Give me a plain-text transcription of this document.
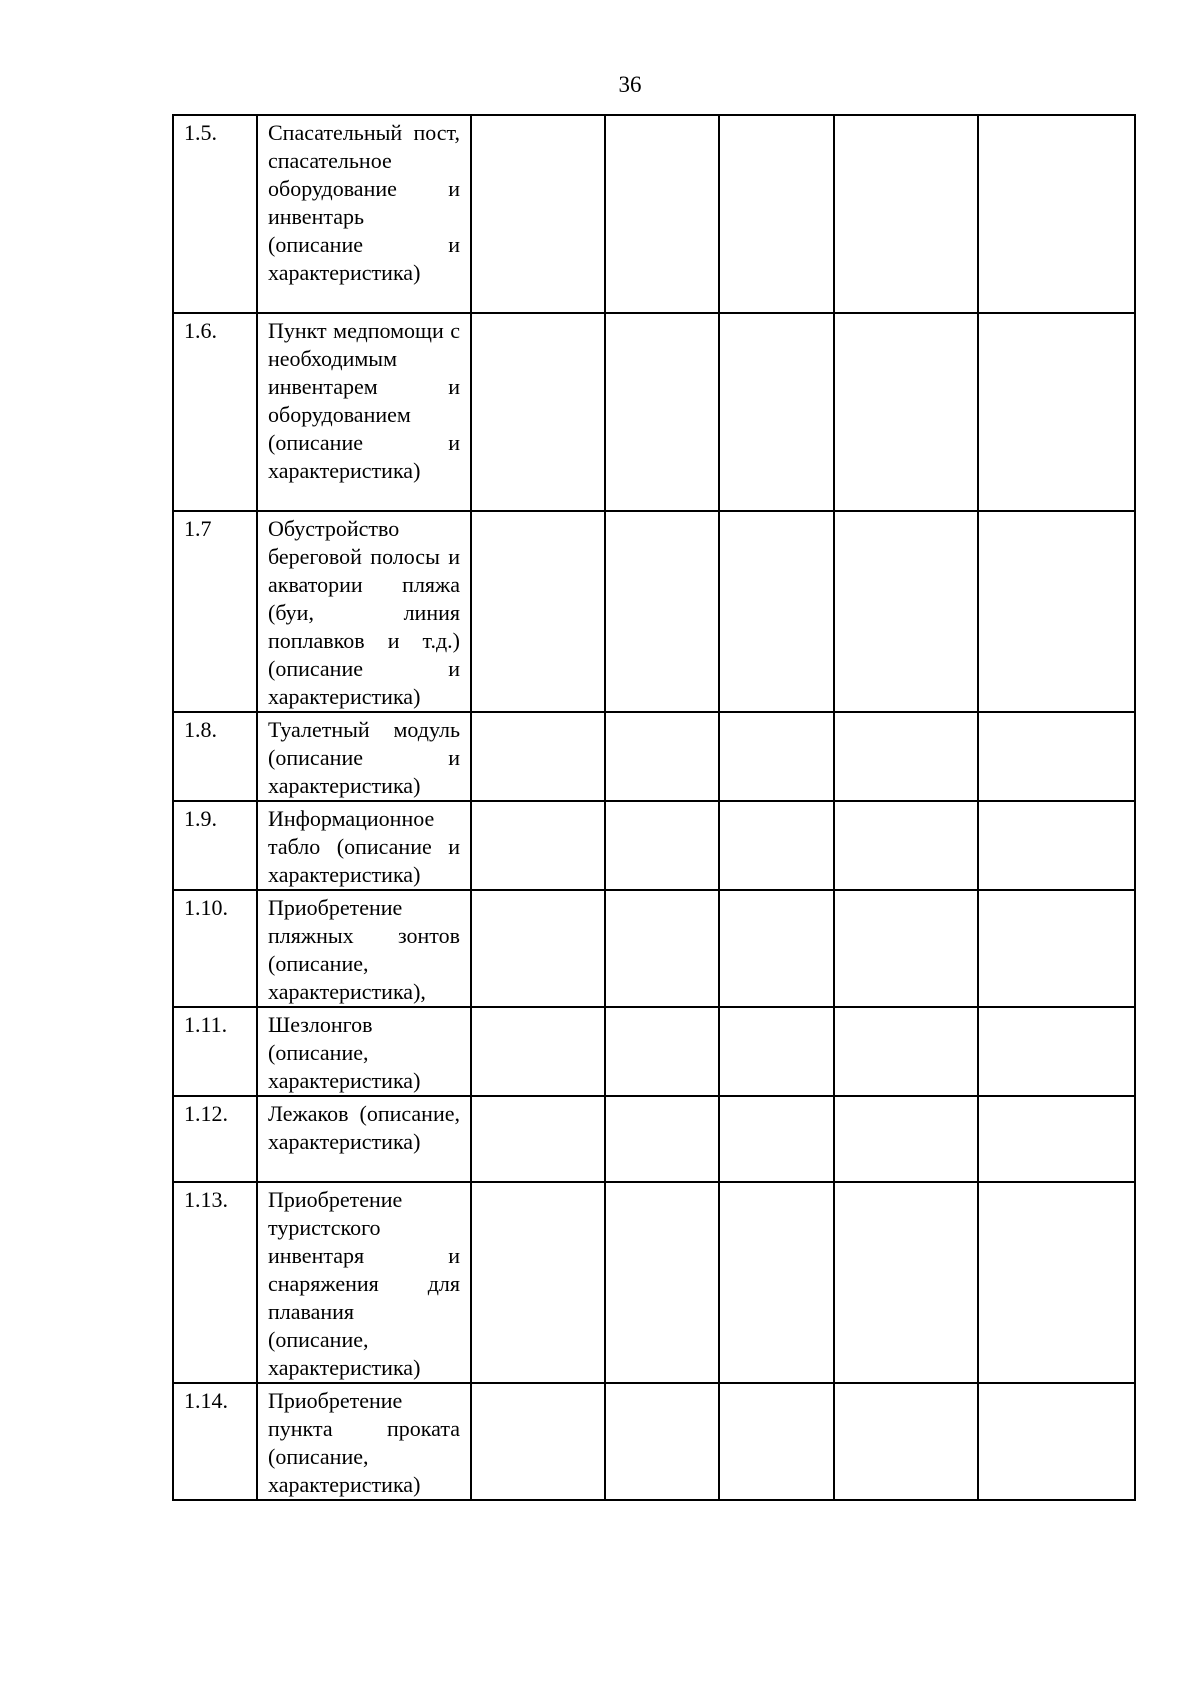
36
1.5.	Спасательный пост, спасательное оборудование и инвентарь (описание и характеристика)					

1.6.	Пункт медпомощи с необходимым инвентарем и оборудованием (описание и характеристика)					

1.7	Обустройство береговой полосы и акватории пляжа (буи, линия поплавков и т.д.) (описание и характеристика)					

1.8.	Туалетный модуль (описание и характеристика)					

1.9.	Информационное табло (описание и характеристика)					

1.10.	Приобретение пляжных зонтов (описание, характеристика),					

1.11.	Шезлонгов (описание, характеристика)					

1.12.	Лежаков (описание, характеристика)					

1.13.	Приобретение туристского инвентаря и снаряжения для плавания (описание, характеристика)					

1.14.	Приобретение пункта проката (описание, характеристика)					
